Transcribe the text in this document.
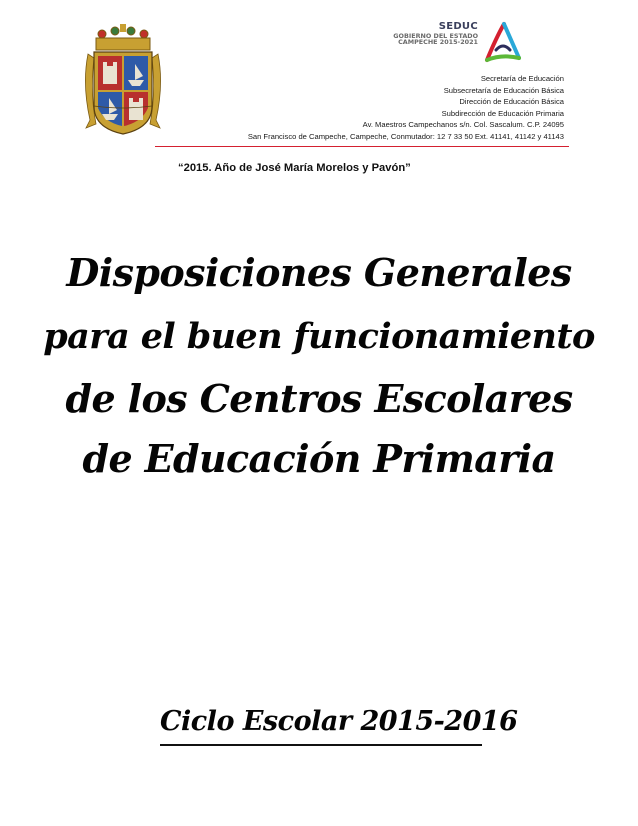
SEDUC
GOBIERNO DEL ESTADO
CAMPECHE 2015-2021
Secretaría de Educación
Subsecretaría de Educación Básica
Dirección de Educación Básica
Subdirección de Educación Primaria
Av. Maestros Campechanos s/n. Col. Sascalum. C.P. 24095
San Francisco de Campeche, Campeche, Conmutador: 12 7 33 50 Ext. 41141, 41142 y 41143
“2015. Año de José María Morelos y Pavón”
Disposiciones Generales
para el buen funcionamiento
de los Centros Escolares
de Educación Primaria
Ciclo Escolar 2015-2016
